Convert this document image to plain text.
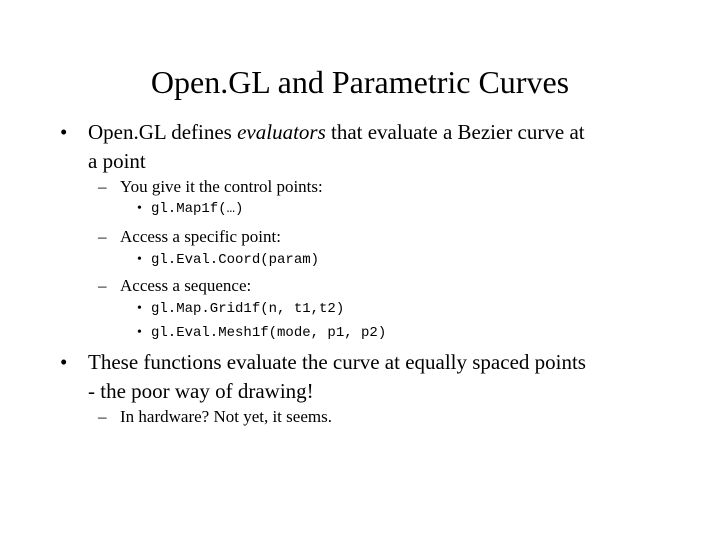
Open.GL and Parametric Curves
• Open.GL defines evaluators that evaluate a Bezier curve at
a point
– You give it the control points:
• gl.Map1f(…)
– Access a specific point:
• gl.Eval.Coord(param)
– Access a sequence:
• gl.Map.Grid1f(n, t1,t2)
• gl.Eval.Mesh1f(mode, p1, p2)
• These functions evaluate the curve at equally spaced points
- the poor way of drawing!
– In hardware? Not yet, it seems.
